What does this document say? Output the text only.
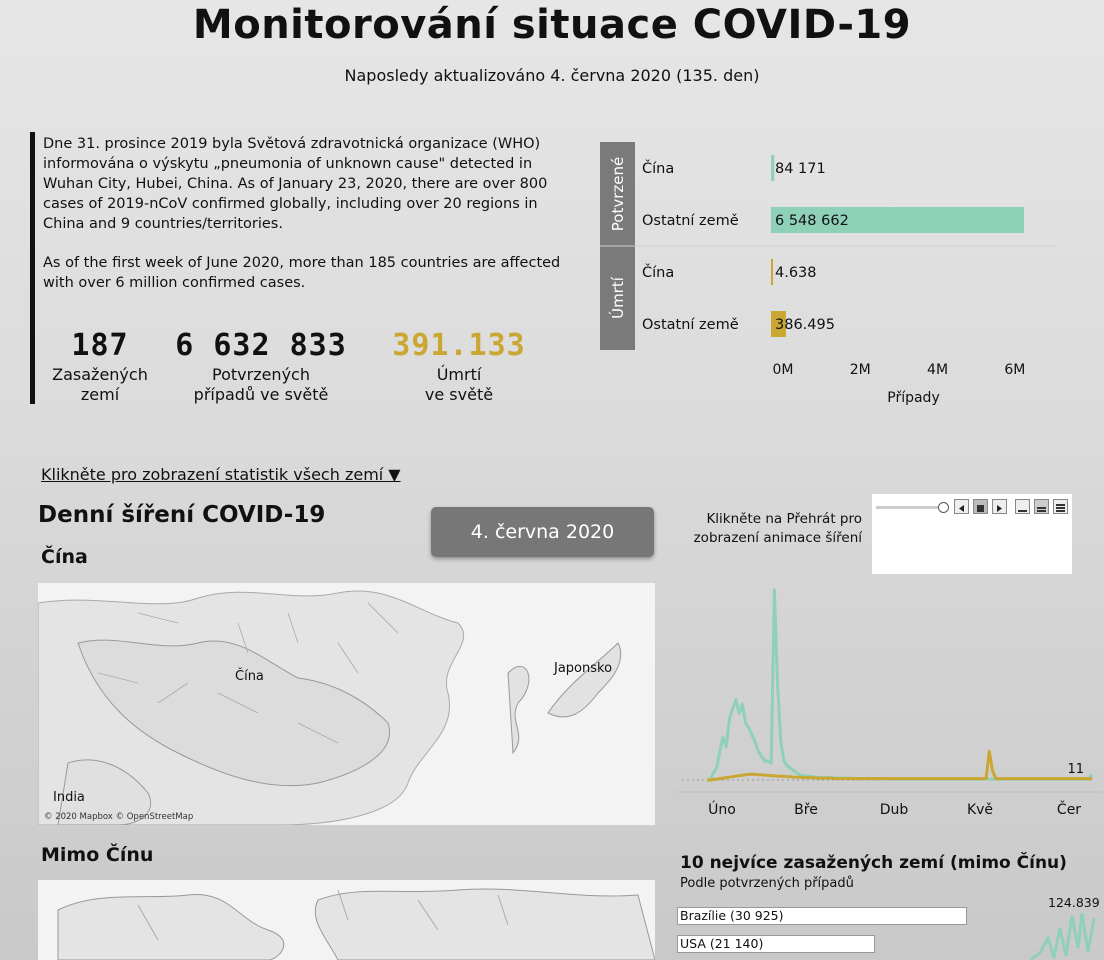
Monitorování situace COVID-19
Naposledy aktualizováno 4. června 2020 (135. den)
Dne 31. prosince 2019 byla Světová zdravotnická organizace (WHO) informována o výskytu „pneumonia of unknown cause" detected in Wuhan City, Hubei, China. As of January 23, 2020, there are over 800 cases of 2019-nCoV confirmed globally, including over 20 regions in China and 9 countries/territories.
As of the first week of June 2020, more than 185 countries are affected with over 6 million confirmed cases.
187
Zasažených
zemí
6 632 833
Potvrzených
případů ve světě
391.133
Úmrtí
ve světě
Potvrzené
Úmrtí
Čína	84 171
Ostatní země	6 548 662
Čína	4.638
Ostatní země	386.495
0M	2M	4M	6M
Případy
Klikněte pro zobrazení statistik všech zemí ▼
Denní šíření COVID-19
4. června 2020
Klikněte na Přehrát pro zobrazení animace šíření
Čína
Čína
Japonsko
India
© 2020 Mapbox © OpenStreetMap
Mimo Čínu
Úno	Bře	Dub	Kvě	Čer
11
10 nejvíce zasažených zemí (mimo Čínu)
Podle potvrzených případů
124.839
Brazílie (30 925)
USA (21 140)
